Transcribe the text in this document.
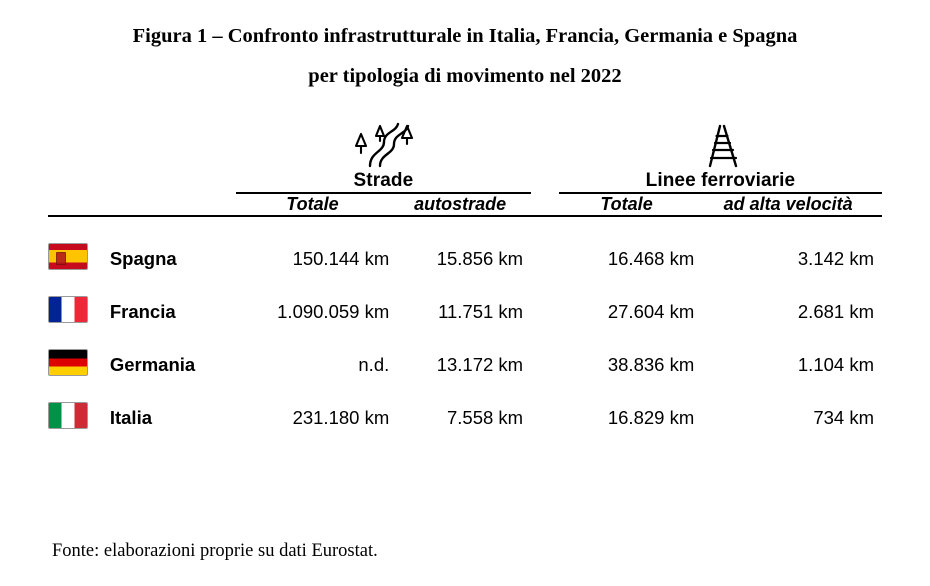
Figura 1 – Confronto infrastrutturale in Italia, Francia, Germania e Spagna
per tipologia di movimento nel 2022

		Strade			Linee ferroviarie	
		Totale	autostrade		Totale	ad alta velocità

	Spagna	150.144 km	15.856 km		16.468 km	3.142 km
	Francia	1.090.059 km	11.751 km		27.604 km	2.681 km
	Germania	n.d.	13.172 km		38.836 km	1.104 km
	Italia	231.180 km	7.558 km		16.829 km	734 km
Fonte: elaborazioni proprie su dati Eurostat.
